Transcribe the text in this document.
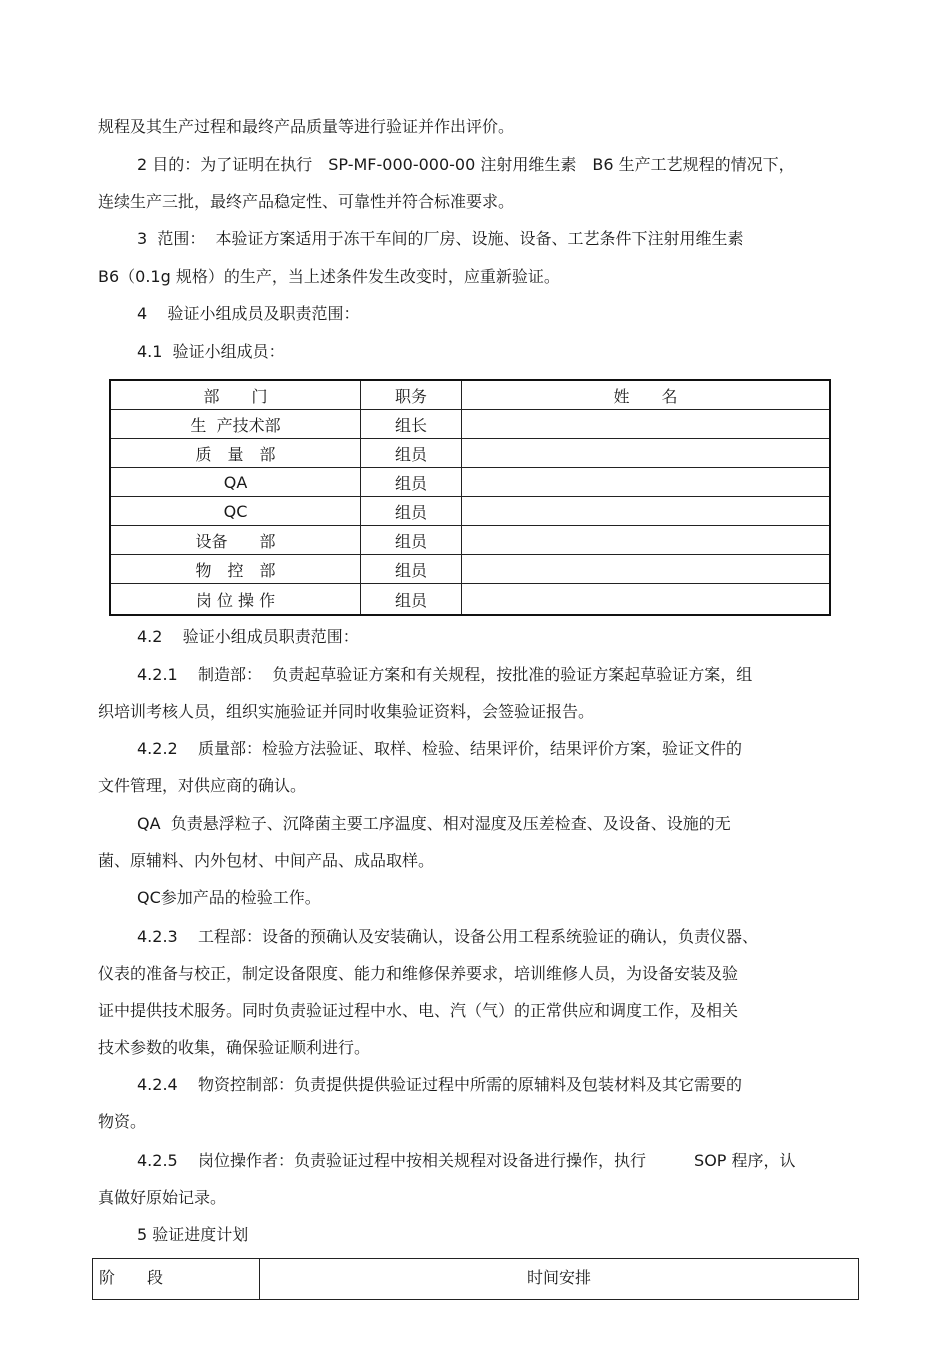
规程及其生产过程和最终产品质量等进行验证并作出评价。
2 目的：为了证明在执行　SP-MF-000-000-00 注射用维生素　B6 生产工艺规程的情况下，
连续生产三批，最终产品稳定性、可靠性并符合标准要求。
3  范围：  本验证方案适用于冻干车间的厂房、设施、设备、工艺条件下注射用维生素
B6（0.1g 规格）的生产，当上述条件发生改变时，应重新验证。
4    验证小组成员及职责范围：
4.1  验证小组成员：
部　　门	职务	姓　　名
生  产技术部	组长	
质　量　部	组员	
QA	组员	
QC	组员	
设备　　部	组员	
物　控　部	组员	
岗 位 操 作	组员	
4.2    验证小组成员职责范围：
4.2.1    制造部：  负责起草验证方案和有关规程，按批准的验证方案起草验证方案，组
织培训考核人员，组织实施验证并同时收集验证资料，会签验证报告。
4.2.2    质量部：检验方法验证、取样、检验、结果评价，结果评价方案，验证文件的
文件管理，对供应商的确认。
QA  负责悬浮粒子、沉降菌主要工序温度、相对湿度及压差检查、及设备、设施的无
菌、原辅料、内外包材、中间产品、成品取样。
QC参加产品的检验工作。
4.2.3    工程部：设备的预确认及安装确认，设备公用工程系统验证的确认，负责仪器、
仪表的准备与校正，制定设备限度、能力和维修保养要求，培训维修人员，为设备安装及验
证中提供技术服务。同时负责验证过程中水、电、汽（气）的正常供应和调度工作，及相关
技术参数的收集，确保验证顺利进行。
4.2.4    物资控制部：负责提供提供验证过程中所需的原辅料及包装材料及其它需要的
物资。
4.2.5    岗位操作者：负责验证过程中按相关规程对设备进行操作，执行　　　SOP 程序，认
真做好原始记录。
5 验证进度计划
阶　　段	时间安排
